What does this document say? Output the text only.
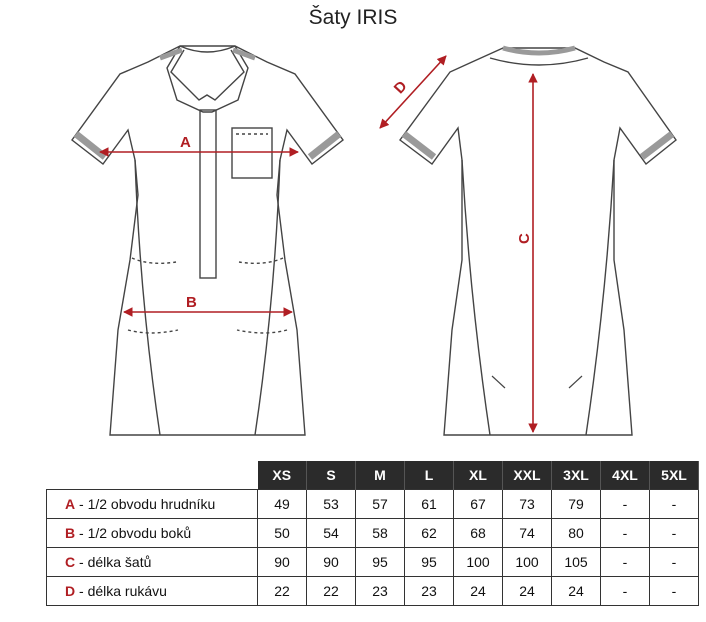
Šaty IRIS
A
B
C
D
	XS	S	M	L	XL	XXL	3XL	4XL	5XL
A - 1/2 obvodu hrudníku	49	53	57	61	67	73	79	-	-
B - 1/2 obvodu boků	50	54	58	62	68	74	80	-	-
C - délka šatů	90	90	95	95	100	100	105	-	-
D - délka rukávu	22	22	23	23	24	24	24	-	-
